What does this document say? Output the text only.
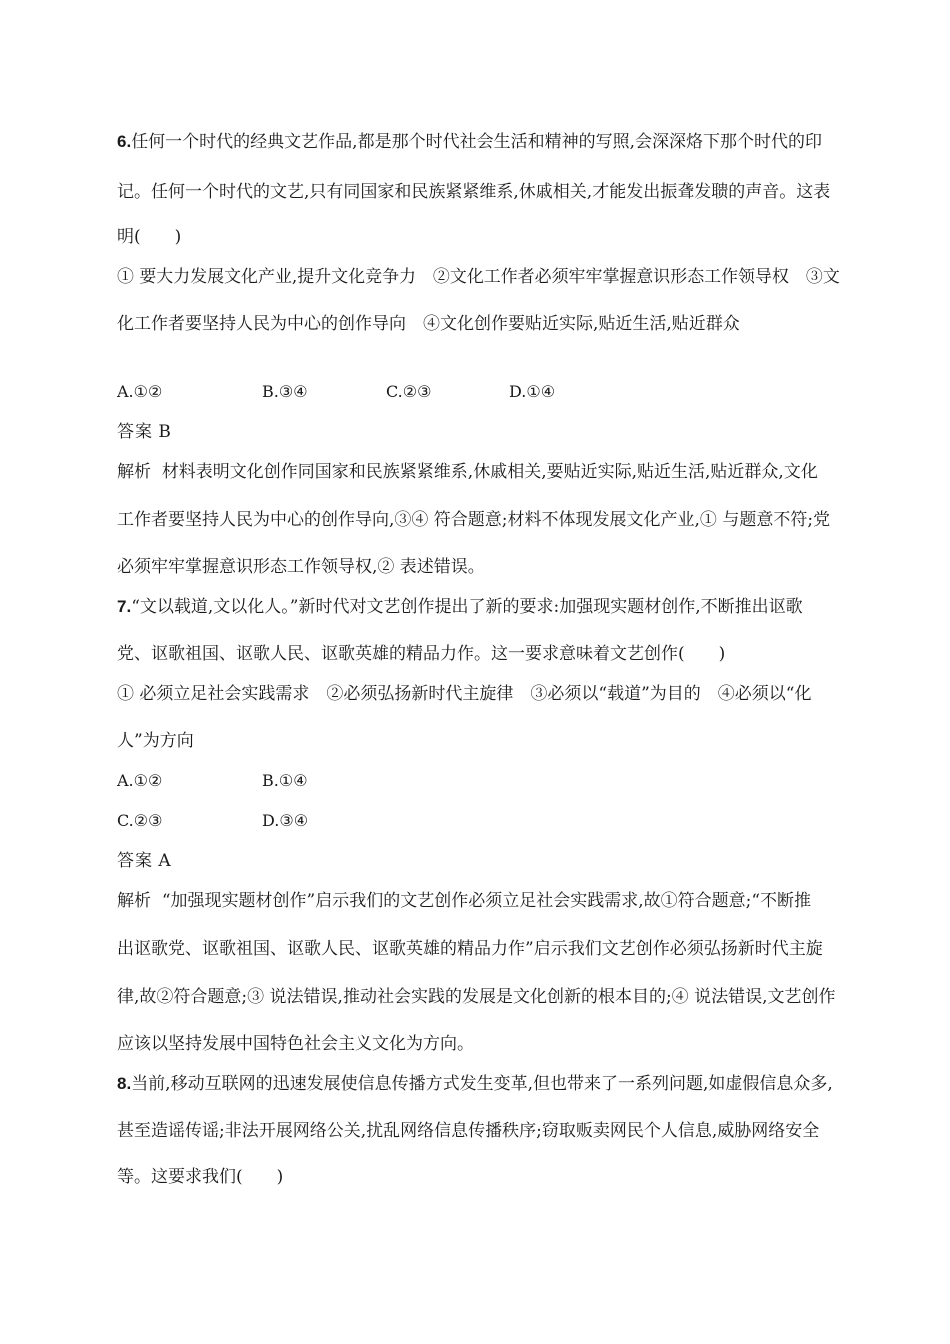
6.任何一个时代的经典文艺作品,都是那个时代社会生活和精神的写照,会深深烙下那个时代的印
记。任何一个时代的文艺,只有同国家和民族紧紧维系,休戚相关,才能发出振聋发聩的声音。这表
明(　　)
① 要大力发展文化产业,提升文化竞争力　②文化工作者必须牢牢掌握意识形态工作领导权　③文
化工作者要坚持人民为中心的创作导向　④文化创作要贴近实际,贴近生活,贴近群众
A.①②	B.③④	C.②③	D.①④
答案 B
解析 材料表明文化创作同国家和民族紧紧维系,休戚相关,要贴近实际,贴近生活,贴近群众,文化
工作者要坚持人民为中心的创作导向,③④ 符合题意;材料不体现发展文化产业,① 与题意不符;党
必须牢牢掌握意识形态工作领导权,② 表述错误。
7.“文以载道,文以化人。”新时代对文艺创作提出了新的要求:加强现实题材创作,不断推出讴歌
党、讴歌祖国、讴歌人民、讴歌英雄的精品力作。这一要求意味着文艺创作(　　)
① 必须立足社会实践需求　②必须弘扬新时代主旋律　③必须以“载道”为目的　④必须以“化
人”为方向
A.①②	B.①④
C.②③	D.③④
答案 A
解析 “加强现实题材创作”启示我们的文艺创作必须立足社会实践需求,故①符合题意;“不断推
出讴歌党、讴歌祖国、讴歌人民、讴歌英雄的精品力作”启示我们文艺创作必须弘扬新时代主旋
律,故②符合题意;③ 说法错误,推动社会实践的发展是文化创新的根本目的;④ 说法错误,文艺创作
应该以坚持发展中国特色社会主义文化为方向。
8.当前,移动互联网的迅速发展使信息传播方式发生变革,但也带来了一系列问题,如虚假信息众多,
甚至造谣传谣;非法开展网络公关,扰乱网络信息传播秩序;窃取贩卖网民个人信息,威胁网络安全
等。这要求我们(　　)
